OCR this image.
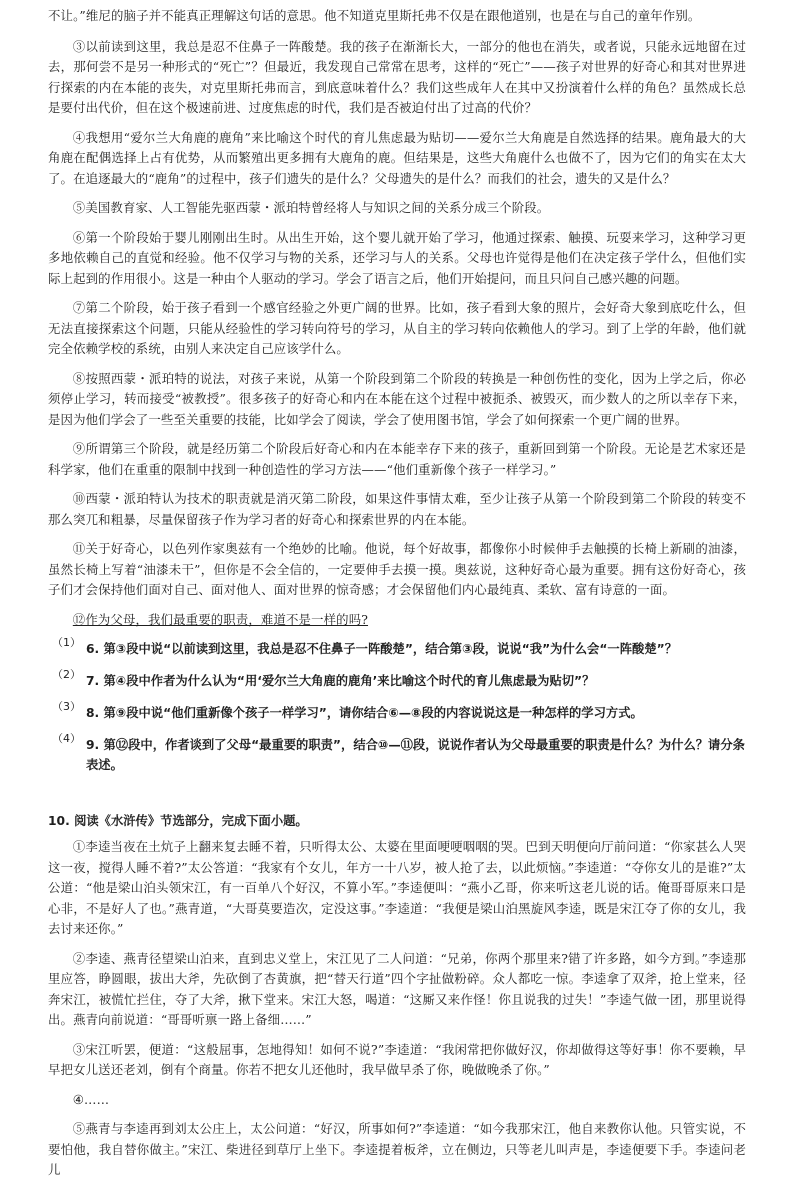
不让。”维尼的脑子并不能真正理解这句话的意思。他不知道克里斯托弗不仅是在跟他道别，也是在与自己的童年作别。

③以前读到这里，我总是忍不住鼻子一阵酸楚。我的孩子在渐渐长大，一部分的他也在消失，或者说，只能永远地留在过去，那何尝不是另一种形式的“死亡”？但最近，我发现自己常常在思考，这样的“死亡”——孩子对世界的好奇心和其对世界进行探索的内在本能的丧失，对克里斯托弗而言，到底意味着什么？我们这些成年人在其中又扮演着什么样的角色？虽然成长总是要付出代价，但在这个极速前进、过度焦虑的时代，我们是否被迫付出了过高的代价？

④我想用“爱尔兰大角鹿的鹿角”来比喻这个时代的育儿焦虑最为贴切——爱尔兰大角鹿是自然选择的结果。鹿角最大的大角鹿在配偶选择上占有优势，从而繁殖出更多拥有大鹿角的鹿。但结果是，这些大角鹿什么也做不了，因为它们的角实在太大了。在追逐最大的“鹿角”的过程中，孩子们遗失的是什么？父母遗失的是什么？而我们的社会，遗失的又是什么？

⑤美国教育家、人工智能先驱西蒙・派珀特曾经将人与知识之间的关系分成三个阶段。

⑥第一个阶段始于婴儿刚刚出生时。从出生开始，这个婴儿就开始了学习，他通过探索、触摸、玩耍来学习，这种学习更多地依赖自己的直觉和经验。他不仅学习与物的关系，还学习与人的关系。父母也许觉得是他们在决定孩子学什么，但他们实际上起到的作用很小。这是一种由个人驱动的学习。学会了语言之后，他们开始提问，而且只问自己感兴趣的问题。

⑦第二个阶段，始于孩子看到一个感官经验之外更广阔的世界。比如，孩子看到大象的照片，会好奇大象到底吃什么，但无法直接探索这个问题，只能从经验性的学习转向符号的学习，从自主的学习转向依赖他人的学习。到了上学的年龄，他们就完全依赖学校的系统，由别人来决定自己应该学什么。

⑧按照西蒙・派珀特的说法，对孩子来说，从第一个阶段到第二个阶段的转换是一种创伤性的变化，因为上学之后，你必须停止学习，转而接受“被教授”。很多孩子的好奇心和内在本能在这个过程中被扼杀、被毁灭，而少数人的之所以幸存下来，是因为他们学会了一些至关重要的技能，比如学会了阅读，学会了使用图书馆，学会了如何探索一个更广阔的世界。

⑨所谓第三个阶段，就是经历第二个阶段后好奇心和内在本能幸存下来的孩子，重新回到第一个阶段。无论是艺术家还是科学家，他们在重重的限制中找到一种创造性的学习方法——“他们重新像个孩子一样学习。”

⑩西蒙・派珀特认为技术的职责就是消灭第二阶段，如果这件事情太难，至少让孩子从第一个阶段到第二个阶段的转变不那么突兀和粗暴，尽量保留孩子作为学习者的好奇心和探索世界的内在本能。

⑪关于好奇心，以色列作家奥兹有一个绝妙的比喻。他说，每个好故事，都像你小时候伸手去触摸的长椅上新刷的油漆，虽然长椅上写着“油漆未干”，但你是不会全信的，一定要伸手去摸一摸。奥兹说，这种好奇心最为重要。拥有这份好奇心，孩子们才会保持他们面对自己、面对他人、面对世界的惊奇感；才会保留他们内心最纯真、柔软、富有诗意的一面。

⑫作为父母，我们最重要的职责，难道不是一样的吗?

（1） 6. 第③段中说“以前读到这里，我总是忍不住鼻子一阵酸楚”，结合第③段，说说“我”为什么会“一阵酸楚”？
（2） 7. 第④段中作者为什么认为“用‘爱尔兰大角鹿的鹿角’来比喻这个时代的育儿焦虑最为贴切”？
（3） 8. 第⑨段中说“他们重新像个孩子一样学习”，请你结合⑥—⑧段的内容说说这是一种怎样的学习方式。
（4） 9. 第⑫段中，作者谈到了父母“最重要的职责”，结合⑩—⑪段，说说作者认为父母最重要的职责是什么？为什么？请分条表述。
10. 阅读《水浒传》节选部分，完成下面小题。

①李逵当夜在土炕子上翻来复去睡不着，只听得太公、太婆在里面哽哽咽咽的哭。巴到天明便向厅前问道：“你家甚么人哭这一夜，搅得人睡不着?”太公答道：“我家有个女儿，年方一十八岁，被人抢了去，以此烦恼。”李逵道：“夺你女儿的是谁?”太公道：“他是梁山泊头领宋江，有一百单八个好汉，不算小军。”李逵便叫：“燕小乙哥，你来听这老儿说的话。俺哥哥原来口是心非，不是好人了也。”燕青道，“大哥莫要造次，定没这事。”李逵道：“我便是梁山泊黑旋风李逵，既是宋江夺了你的女儿，我去讨来还你。”

②李逵、燕青径望梁山泊来，直到忠义堂上，宋江见了二人问道：“兄弟，你两个那里来?错了许多路，如今方到。”李逵那里应答，睁圆眼，拔出大斧，先砍倒了杏黄旗，把“替天行道”四个字扯做粉碎。众人都吃一惊。李逵拿了双斧，抢上堂来，径奔宋江，被慌忙拦住，夺了大斧，揪下堂来。宋江大怒，喝道：“这厮又来作怪！你且说我的过失！”李逵气做一团，那里说得出。燕青向前说道：“哥哥听禀一路上备细……”

③宋江听罢，便道：“这般屈事，怎地得知！如何不说?”李逵道：“我闲常把你做好汉，你却做得这等好事！你不要赖，早早把女儿送还老刘，倒有个商量。你若不把女儿还他时，我早做早杀了你，晚做晚杀了你。”

④……

⑤燕青与李逵再到刘太公庄上，太公问道：“好汉，所事如何?”李逵道：“如今我那宋江，他自来教你认他。只管实说，不要怕他，我自替你做主。”宋江、柴进径到草厅上坐下。李逵提着板斧，立在侧边，只等老儿叫声是，李逵便要下手。李逵问老儿
